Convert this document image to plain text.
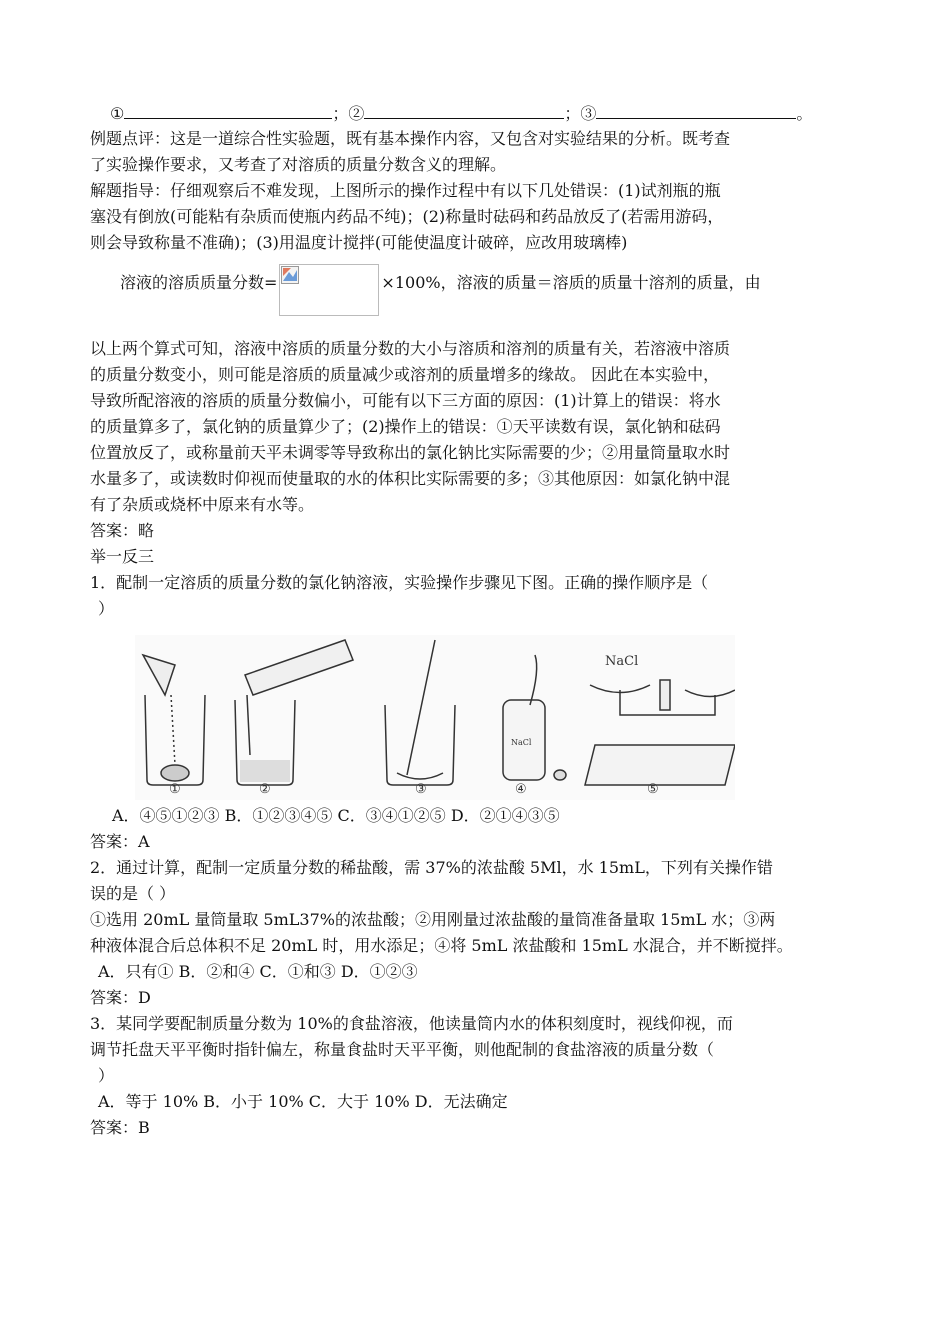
①	；②	；③	。
例题点评：这是一道综合性实验题，既有基本操作内容，又包含对实验结果的分析。既考查
了实验操作要求，又考查了对溶质的质量分数含义的理解。
解题指导：仔细观察后不难发现，上图所示的操作过程中有以下几处错误：(1)试剂瓶的瓶
塞没有倒放(可能粘有杂质而使瓶内药品不纯)；(2)称量时砝码和药品放反了(若需用游码，
则会导致称量不准确)；(3)用温度计搅拌(可能使温度计破碎，应改用玻璃棒)
溶液的溶质质量分数=	×100%，溶液的质量＝溶质的质量十溶剂的质量，由
以上两个算式可知，溶液中溶质的质量分数的大小与溶质和溶剂的质量有关，若溶液中溶质
的质量分数变小，则可能是溶质的质量减少或溶剂的质量增多的缘故。 因此在本实验中，
导致所配溶液的溶质的质量分数偏小，可能有以下三方面的原因：(1)计算上的错误：将水
的质量算多了，氯化钠的质量算少了；(2)操作上的错误：①天平读数有误，氯化钠和砝码
位置放反了，或称量前天平未调零等导致称出的氯化钠比实际需要的少；②用量筒量取水时
水量多了，或读数时仰视而使量取的水的体积比实际需要的多；③其他原因：如氯化钠中混
有了杂质或烧杯中原来有水等。
答案：略
举一反三
1．配制一定溶质的质量分数的氯化钠溶液，实验操作步骤见下图。正确的操作顺序是（
）
①	②	③
NaCl
④
NaCl
⑤
A．④⑤①②③ B．①②③④⑤ C．③④①②⑤ D．②①④③⑤
答案：A
2．通过计算，配制一定质量分数的稀盐酸，需 37%的浓盐酸 5Ml，水 15mL，下列有关操作错
误的是（ ）
①选用 20mL 量筒量取 5mL37%的浓盐酸；②用刚量过浓盐酸的量筒准备量取 15mL 水；③两
种液体混合后总体积不足 20mL 时，用水添足；④将 5mL 浓盐酸和 15mL 水混合，并不断搅拌。
A．只有① B．②和④ C．①和③ D．①②③
答案：D
3．某同学要配制质量分数为 10%的食盐溶液，他读量筒内水的体积刻度时，视线仰视，而
调节托盘天平平衡时指针偏左，称量食盐时天平平衡，则他配制的食盐溶液的质量分数（
）
A．等于 10% B．小于 10% C．大于 10% D．无法确定
答案：B
